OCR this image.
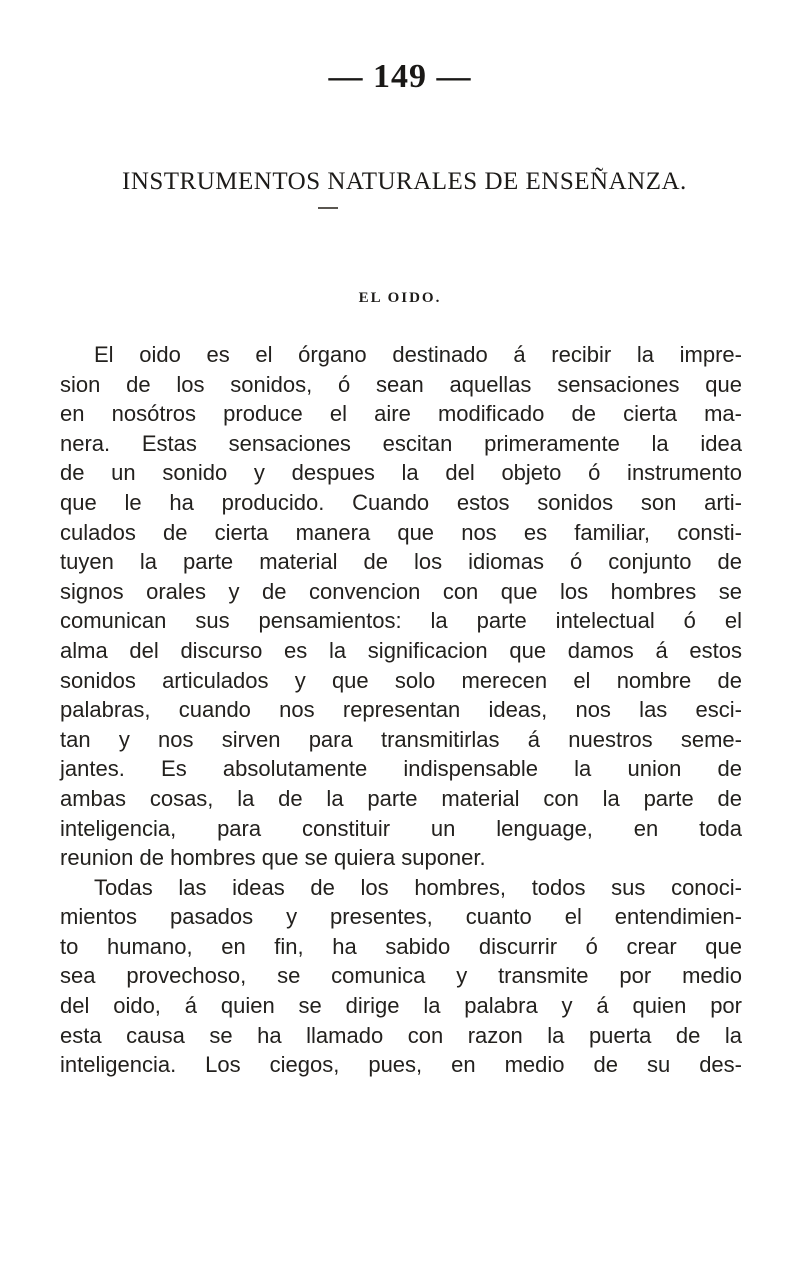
— 149 —
INSTRUMENTOS NATURALES DE ENSEÑANZA.
EL OIDO.
El oido es el órgano destinado á recibir la impre-
sion de los sonidos, ó sean aquellas sensaciones que
en nosótros produce el aire modificado de cierta ma-
nera. Estas sensaciones escitan primeramente la idea
de un sonido y despues la del objeto ó instrumento
que le ha producido. Cuando estos sonidos son arti-
culados de cierta manera que nos es familiar, consti-
tuyen la parte material de los idiomas ó conjunto de
signos orales y de convencion con que los hombres se
comunican sus pensamientos: la parte intelectual ó el
alma del discurso es la significacion que damos á estos
sonidos articulados y que solo merecen el nombre de
palabras, cuando nos representan ideas, nos las esci-
tan y nos sirven para transmitirlas á nuestros seme-
jantes. Es absolutamente indispensable la union de
ambas cosas, la de la parte material con la parte de
inteligencia, para constituir un lenguage, en toda
reunion de hombres que se quiera suponer.
Todas las ideas de los hombres, todos sus conoci-
mientos pasados y presentes, cuanto el entendimien-
to humano, en fin, ha sabido discurrir ó crear que
sea provechoso, se comunica y transmite por medio
del oido, á quien se dirige la palabra y á quien por
esta causa se ha llamado con razon la puerta de la
inteligencia. Los ciegos, pues, en medio de su des-
